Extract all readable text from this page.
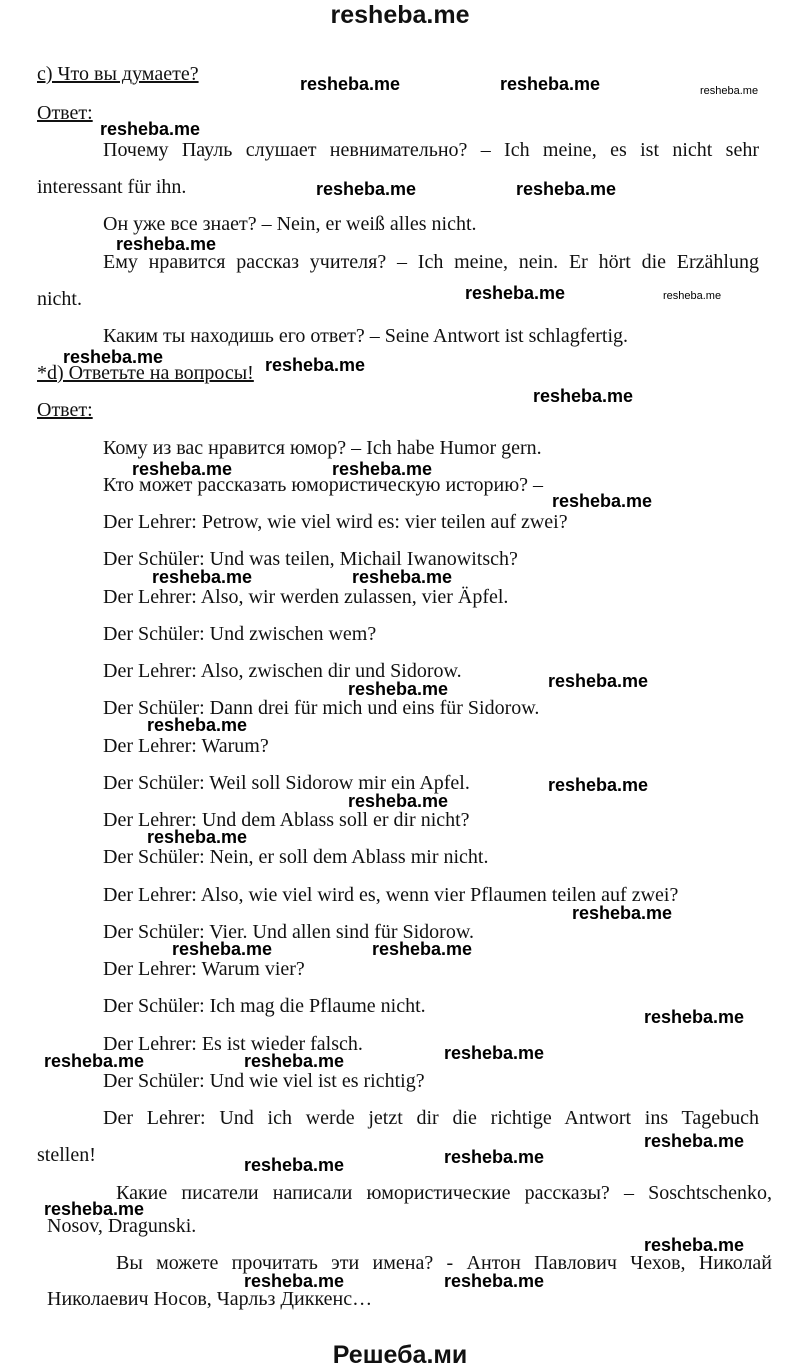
resheba.me
c) Что вы думаете?
Ответ:
Почему Пауль слушает невнимательно? – Ich meine, es ist nicht sehr
interessant für ihn.
Он уже все знает? – Nein, er weiß alles nicht.
Ему нравится рассказ учителя? – Ich meine, nein. Er hört die Erzählung
nicht.
Каким ты находишь его ответ? – Seine Antwort ist schlagfertig.
*d) Ответьте на вопросы!
Ответ:
Кому из вас нравится юмор? – Ich habe Humor gern.
Кто может рассказать юмористическую историю? –
Der Lehrer: Petrow, wie viel wird es: vier teilen auf zwei?
Der Schüler: Und was teilen, Michail Iwanowitsch?
Der Lehrer: Also, wir werden zulassen, vier Äpfel.
Der Schüler: Und zwischen wem?
Der Lehrer: Also, zwischen dir und Sidorow.
Der Schüler: Dann drei für mich und eins für Sidorow.
Der Lehrer: Warum?
Der Schüler: Weil soll Sidorow mir ein Apfel.
Der Lehrer: Und dem Ablass soll er dir nicht?
Der Schüler: Nein, er soll dem Ablass mir nicht.
Der Lehrer: Also, wie viel wird es, wenn vier Pflaumen teilen auf zwei?
Der Schüler: Vier. Und allen sind für Sidorow.
Der Lehrer: Warum vier?
Der Schüler: Ich mag die Pflaume nicht.
Der Lehrer: Es ist wieder falsch.
Der Schüler: Und wie viel ist es richtig?
Der Lehrer: Und ich werde jetzt dir die richtige Antwort ins Tagebuch
stellen!
Какие писатели написали юмористические рассказы? – Soschtschenko,
Nosov, Dragunski.
Вы можете прочитать эти имена? - Антон Павлович Чехов, Николай
Николаевич Носов, Чарльз Диккенс…
resheba.me	resheba.me	resheba.me
resheba.me
resheba.me	resheba.me
resheba.me
resheba.me	resheba.me
resheba.me	resheba.me
resheba.me
resheba.me	resheba.me
resheba.me
resheba.me	resheba.me
resheba.me
resheba.me
resheba.me
resheba.me
resheba.me
resheba.me
resheba.me
resheba.me	resheba.me
resheba.me
resheba.me	resheba.me	resheba.me
resheba.me
resheba.me	resheba.me
resheba.me
resheba.me
resheba.me	resheba.me
Решеба.ми
